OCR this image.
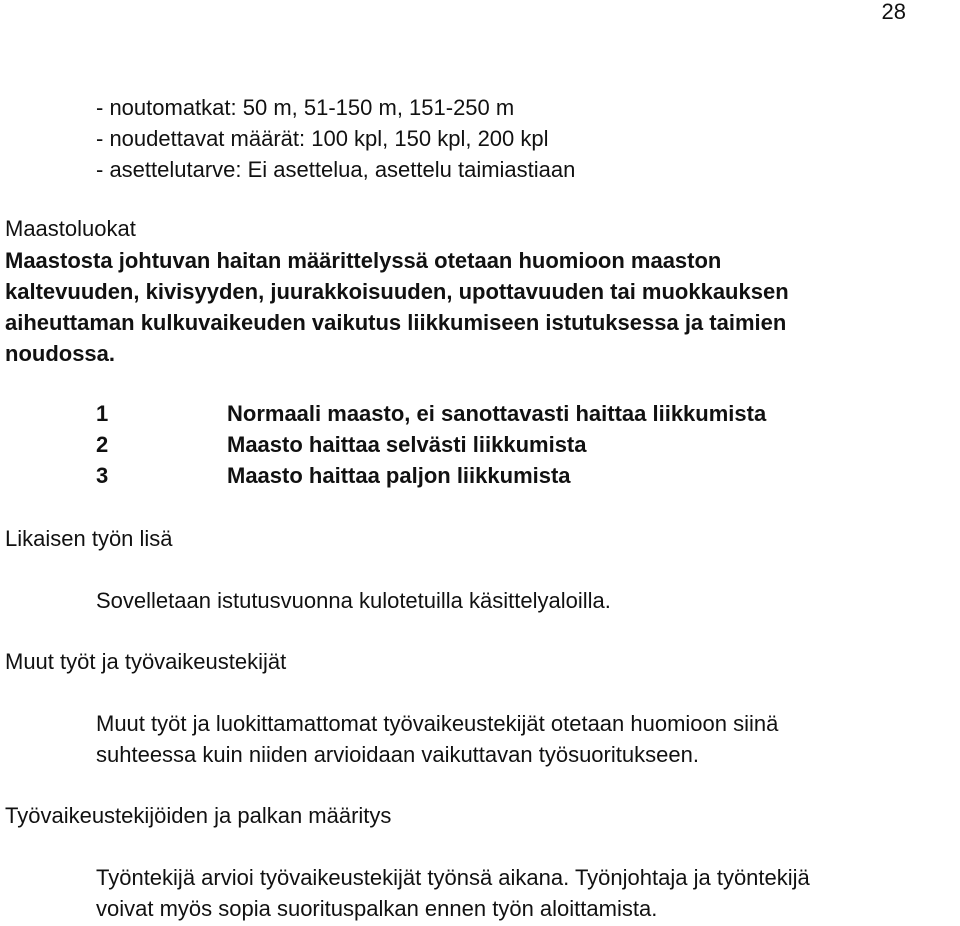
28
- noutomatkat: 50 m, 51-150 m, 151-250 m
- noudettavat määrät: 100 kpl, 150 kpl, 200 kpl
- asettelutarve: Ei asettelua, asettelu taimiastiaan
Maastoluokat
Maastosta johtuvan haitan määrittelyssä otetaan huomioon maaston
kaltevuuden, kivisyyden, juurakkoisuuden, upottavuuden tai muokkauksen
aiheuttaman kulkuvaikeuden vaikutus liikkumiseen istutuksessa ja taimien
noudossa.
1	Normaali maasto, ei sanottavasti haittaa liikkumista
2	Maasto haittaa selvästi liikkumista
3	Maasto haittaa paljon liikkumista
Likaisen työn lisä
Sovelletaan istutusvuonna kulotetuilla käsittelyaloilla.
Muut työt ja työvaikeustekijät
Muut työt ja luokittamattomat työvaikeustekijät otetaan huomioon siinä
suhteessa kuin niiden arvioidaan vaikuttavan työsuoritukseen.
Työvaikeustekijöiden ja palkan määritys
Työntekijä arvioi työvaikeustekijät työnsä aikana. Työnjohtaja ja työntekijä
voivat myös sopia suorituspalkan ennen työn aloittamista.
